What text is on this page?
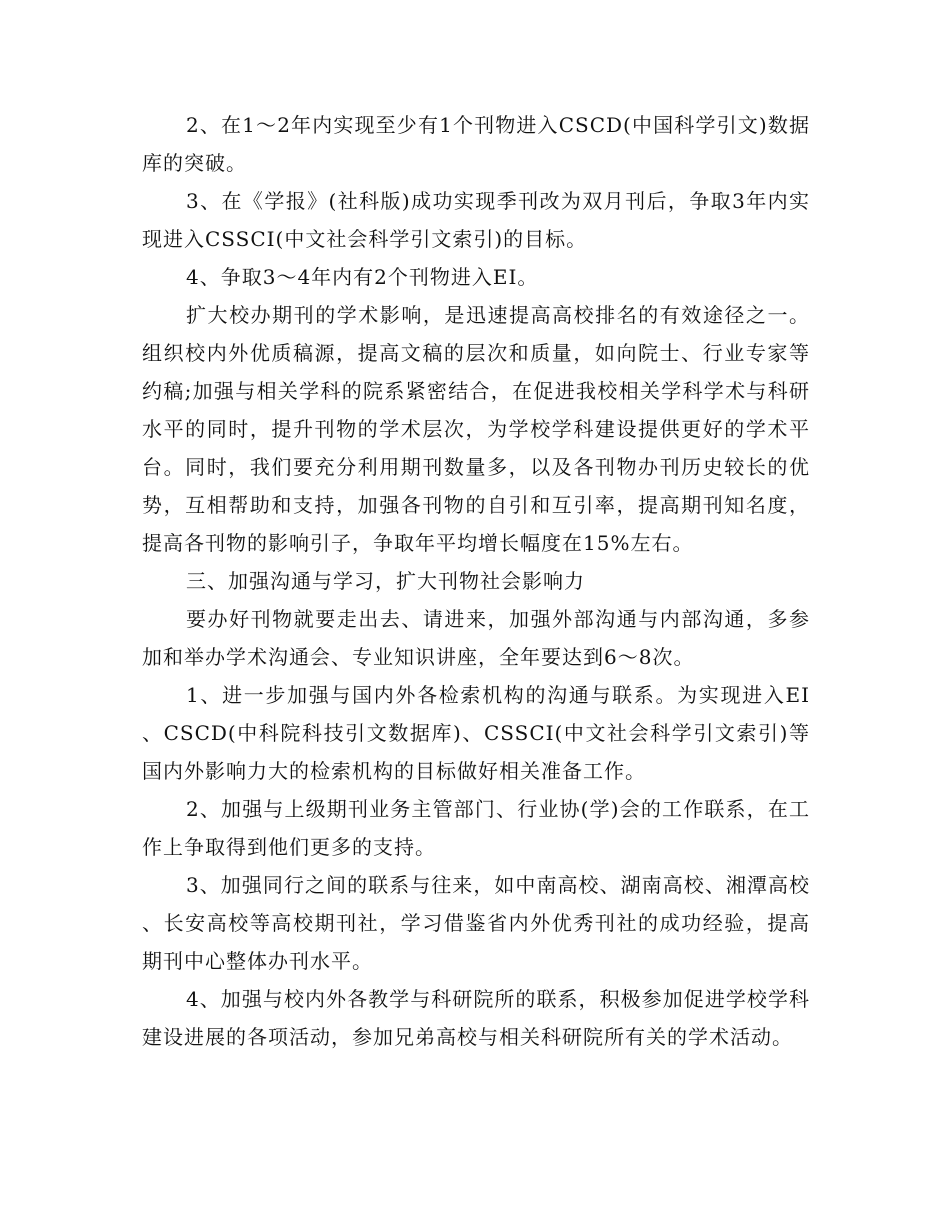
2、在1～2年内实现至少有1个刊物进入CSCD(中国科学引文)数据库的突破。

3、在《学报》(社科版)成功实现季刊改为双月刊后，争取3年内实现进入CSSCI(中文社会科学引文索引)的目标。

4、争取3～4年内有2个刊物进入EI。

扩大校办期刊的学术影响，是迅速提高高校排名的有效途径之一。组织校内外优质稿源，提高文稿的层次和质量，如向院士、行业专家等约稿;加强与相关学科的院系紧密结合，在促进我校相关学科学术与科研水平的同时，提升刊物的学术层次，为学校学科建设提供更好的学术平台。同时，我们要充分利用期刊数量多，以及各刊物办刊历史较长的优势，互相帮助和支持，加强各刊物的自引和互引率，提高期刊知名度，提高各刊物的影响引子，争取年平均增长幅度在15%左右。

三、加强沟通与学习，扩大刊物社会影响力

要办好刊物就要走出去、请进来，加强外部沟通与内部沟通，多参加和举办学术沟通会、专业知识讲座，全年要达到6～8次。

1、进一步加强与国内外各检索机构的沟通与联系。为实现进入EI、CSCD(中科院科技引文数据库)、CSSCI(中文社会科学引文索引)等国内外影响力大的检索机构的目标做好相关准备工作。

2、加强与上级期刊业务主管部门、行业协(学)会的工作联系，在工作上争取得到他们更多的支持。

3、加强同行之间的联系与往来，如中南高校、湖南高校、湘潭高校、长安高校等高校期刊社，学习借鉴省内外优秀刊社的成功经验，提高期刊中心整体办刊水平。

4、加强与校内外各教学与科研院所的联系，积极参加促进学校学科建设进展的各项活动，参加兄弟高校与相关科研院所有关的学术活动。
